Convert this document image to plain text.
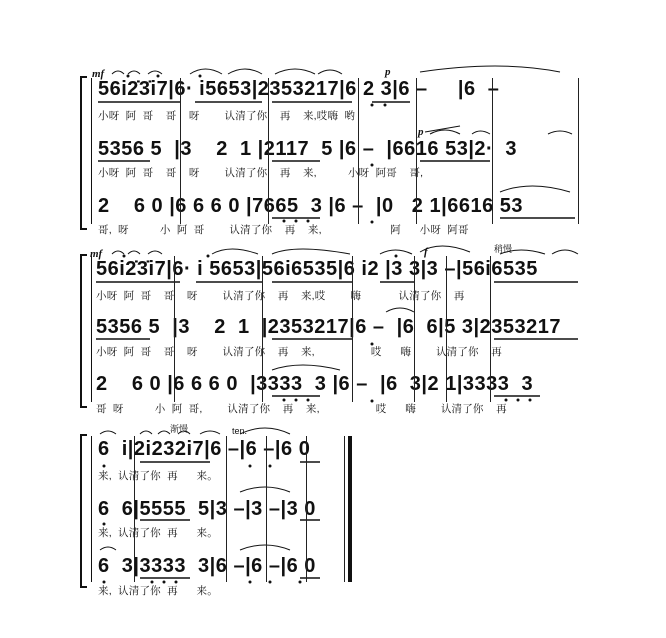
mf	p
p
56i2̇3̇i7|6· i5653|2353217|6 2 3|6 –     |6  –
小呀  阿  哥    哥    呀        认清了你    再    来,哎嗨  哟
5356 5  |3    2  1 |2117  5 |6 –  |6616 53|2·  3
小呀  阿  哥    哥    呀        认清了你    再    来,          小呀  阿哥    哥,
2    6 0 |6 6 6 0 |7665  3 |6 –  |0   2 1|6616 53
哥,  呀          小  阿  哥        认清了你    再    来,                      阿      小呀  阿哥
mf	f	稍慢
56i2̇3̇i7|6· i 5653|56i6535|6 i2 |3 3|3 –|56i6535
小呀  阿  哥    哥    呀        认清了你    再    来,哎        嗨            认清了你    再
5356 5  |3    2  1  |2353217|6 –  |6  6|5 3|2353217
小呀  阿  哥    哥    呀        认清了你    再    来,                  哎      嗨        认清了你    再
2    6 0 |6 6 6 0  |3333  3 |6 –  |6  3|2 1|3333  3
哥  呀          小  阿  哥,        认清了你    再    来,                  哎      嗨        认清了你    再
渐慢	ten.
6  i|2i232i7|6 –|6 –|6 0
来,  认清了你  再      来。
6  6|5555  5|3 –|3 –|3 0
来,  认清了你  再      来。
6  3|3333  3|6 –|6 –|6 0
来,  认清了你  再      来。
